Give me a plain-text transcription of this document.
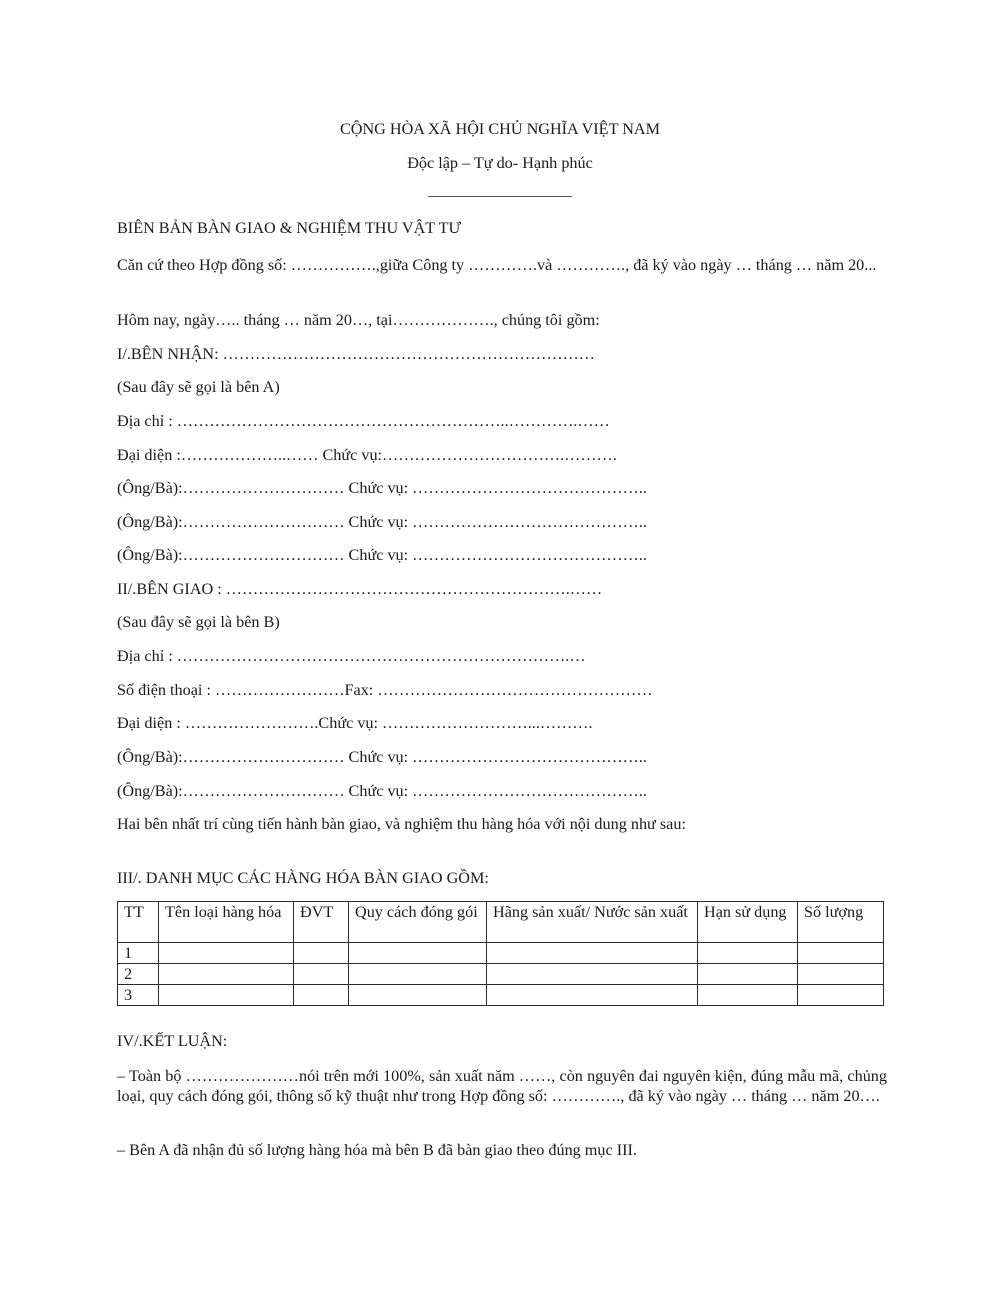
CỘNG HÒA XÃ HỘI CHỦ NGHĨA VIỆT NAM
Độc lập – Tự do- Hạnh phúc
BIÊN BẢN BÀN GIAO & NGHIỆM THU VẬT TƯ
Căn cứ theo Hợp đồng số: …………….,giữa Công ty ………….và …………., đã ký vào ngày … tháng … năm 20...
Hôm nay, ngày….. tháng … năm 20…, tại………………., chúng tôi gồm:
I/.BÊN NHẬN: ……………………………………………………………
(Sau đây sẽ gọi là bên A)
Địa chỉ : ……………………………………………………..………….……
Đại diện :………………..…… Chức vụ:…………………………….……….
(Ông/Bà):………………………… Chức vụ: ……………………………………..
(Ông/Bà):………………………… Chức vụ: ……………………………………..
(Ông/Bà):………………………… Chức vụ: ……………………………………..
II/.BÊN GIAO : ……………………………………………………….……
(Sau đây sẽ gọi là bên B)
Địa chỉ : ……………………………………………………………….…
Số điện thoại : ……………………Fax: ……………………………………………
Đại diện : …………………….Chức vụ: ………………………...……….
(Ông/Bà):………………………… Chức vụ: ……………………………………..
(Ông/Bà):………………………… Chức vụ: ……………………………………..
Hai bên nhất trí cùng tiến hành bàn giao, và nghiệm thu hàng hóa với nội dung như sau:
III/. DANH MỤC CÁC HÀNG HÓA BÀN GIAO GỒM:
TT	Tên loại hàng hóa	ĐVT	Quy cách đóng gói	Hãng sản xuất/ Nước sản xuất	Hạn sử dụng	Số lượng
1						
2						
3						
IV/.KẾT LUẬN:
– Toàn bộ …………………nói trên mới 100%, sản xuất năm ……, còn nguyên đai nguyên kiện, đúng mẫu mã, chủng loại, quy cách đóng gói, thông số kỹ thuật như trong Hợp đồng số: …………., đã ký vào ngày … tháng … năm 20….
– Bên A đã nhận đủ số lượng hàng hóa mà bên B đã bàn giao theo đúng mục III.
